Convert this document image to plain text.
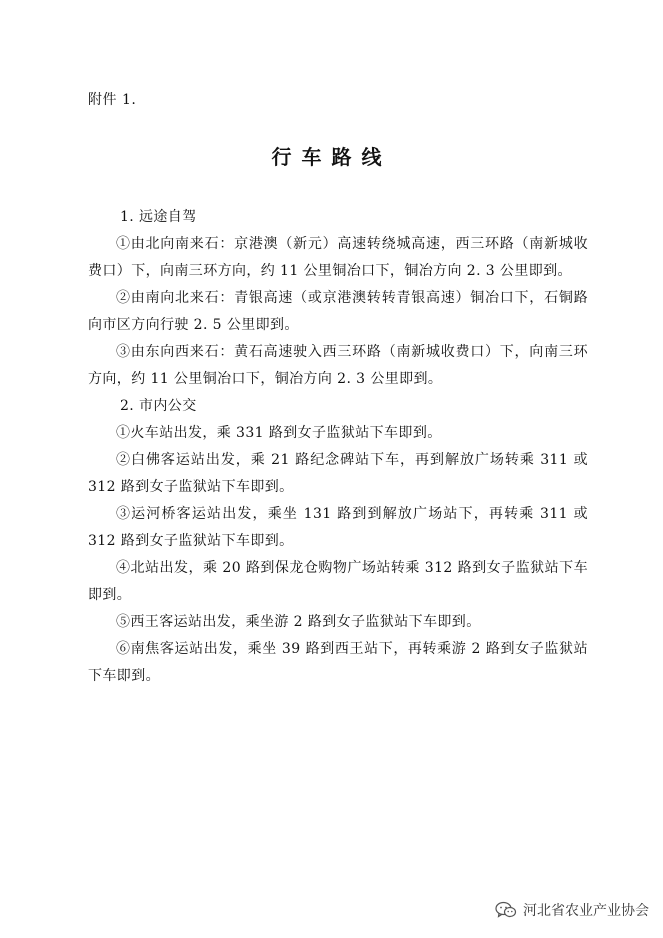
附件 1.
行车路线

1. 远途自驾

①由北向南来石：京港澳（新元）高速转绕城高速，西三环路（南新城收费口）下，向南三环方向，约 11 公里铜冶口下，铜冶方向 2. 3 公里即到。

②由南向北来石：青银高速（或京港澳转转青银高速）铜冶口下，石铜路向市区方向行驶 2. 5 公里即到。

③由东向西来石：黄石高速驶入西三环路（南新城收费口）下，向南三环方向，约 11 公里铜冶口下，铜冶方向 2. 3 公里即到。

2. 市内公交

①火车站出发，乘 331 路到女子监狱站下车即到。

②白佛客运站出发，乘 21 路纪念碑站下车，再到解放广场转乘 311 或 312 路到女子监狱站下车即到。

③运河桥客运站出发，乘坐 131 路到到解放广场站下，再转乘 311 或 312 路到女子监狱站下车即到。

④北站出发，乘 20 路到保龙仓购物广场站转乘 312 路到女子监狱站下车即到。

⑤西王客运站出发，乘坐游 2 路到女子监狱站下车即到。

⑥南焦客运站出发，乘坐 39 路到西王站下，再转乘游 2 路到女子监狱站下车即到。

河北省农业产业协会
